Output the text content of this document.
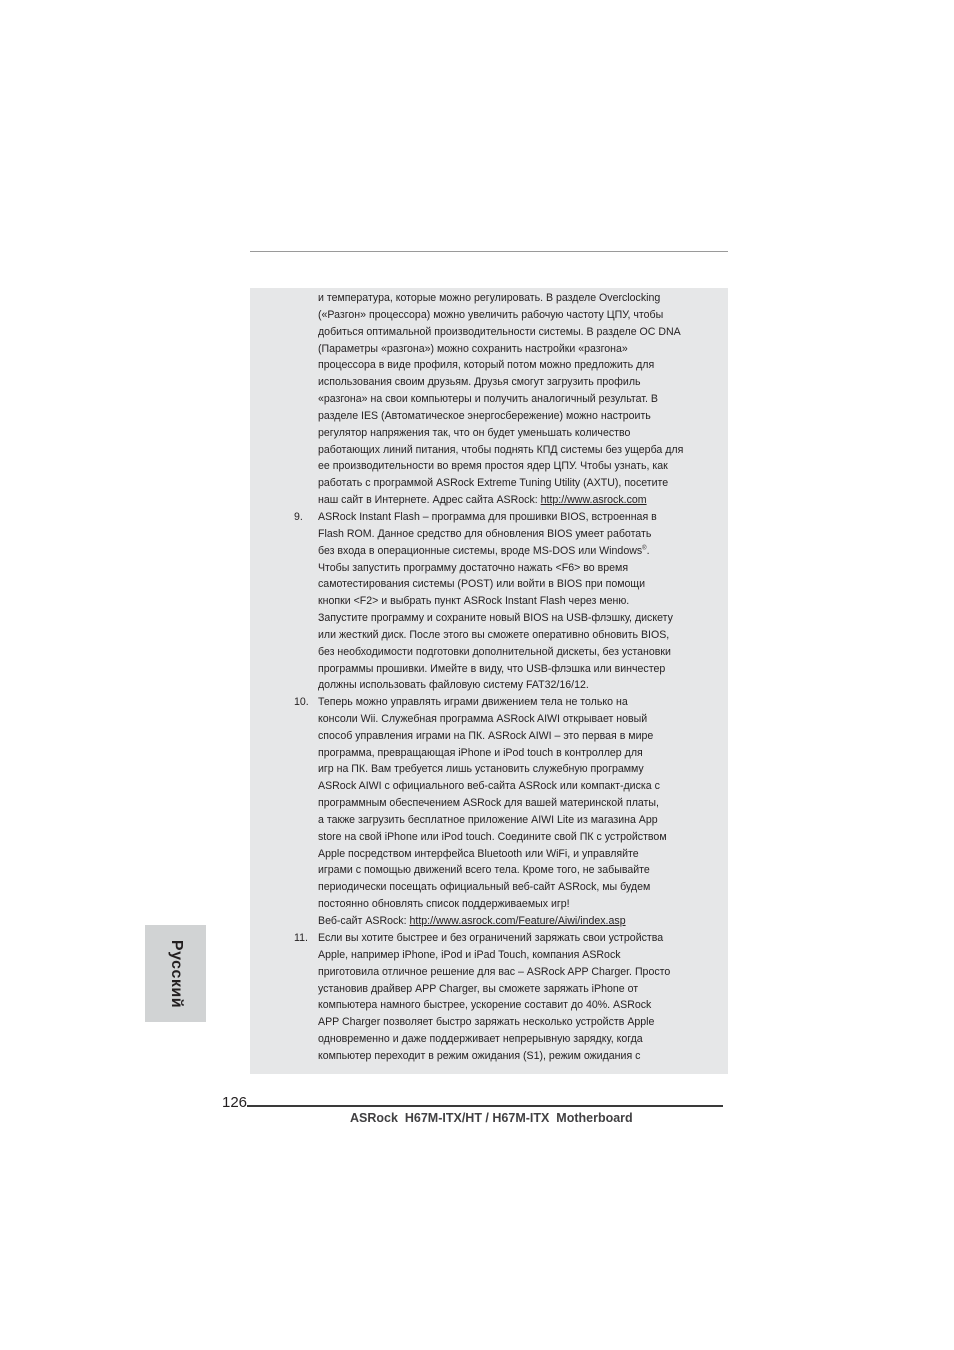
и температура, которые можно регулировать. В разделе Overclocking
(«Разгон» процессора) можно увеличить рабочую частоту ЦПУ, чтобы
добиться оптимальной производительности системы. В разделе OC DNA
(Параметры «разгона») можно сохранить настройки «разгона»
процессора в виде профиля, который потом можно предложить для
использования своим друзьям. Друзья смогут загрузить профиль
«разгона» на свои компьютеры и получить аналогичный результат. В
разделе IES (Автоматическое энергосбережение) можно настроить
регулятор напряжения так, что он будет уменьшать количество
работающих линий питания, чтобы поднять КПД системы без ущерба для
ее производительности во время простоя ядер ЦПУ. Чтобы узнать, как
работать с программой ASRock Extreme Tuning Utility (AXTU), посетите
наш сайт в Интернете. Адрес сайта ASRock: http://www.asrock.com
9. ASRock Instant Flash – программа для прошивки BIOS, встроенная в
Flash ROM. Данное средство для обновления BIOS умеет работать
без входа в операционные системы, вроде MS-DOS или Windows®.
Чтобы запустить программу достаточно нажать <F6> во время
самотестирования системы (POST) или войти в BIOS при помощи
кнопки <F2> и выбрать пункт ASRock Instant Flash через меню.
Запустите программу и сохраните новый BIOS на USB-флэшку, дискету
или жесткий диск. После этого вы сможете оперативно обновить BIOS,
без необходимости подготовки дополнительной дискеты, без установки
программы прошивки. Имейте в виду, что USB-флэшка или винчестер
должны использовать файловую систему FAT32/16/12.
10. Теперь можно управлять играми движением тела не только на
консоли Wii. Служебная программа ASRock AIWI открывает новый
способ управления играми на ПК. ASRock AIWI – это первая в мире
программа, превращающая iPhone и iPod touch в контроллер для
игр на ПК. Вам требуется лишь установить служебную программу
ASRock AIWI с официального веб-сайта ASRock или компакт-диска с
программным обеспечением ASRock для вашей материнской платы,
а также загрузить бесплатное приложение AIWI Lite из магазина App
store на свой iPhone или iPod touch. Соедините свой ПК с устройством
Apple посредством интерфейса Bluetooth или WiFi, и управляйте
играми с помощью движений всего тела. Кроме того, не забывайте
периодически посещать официальный веб-сайт ASRock, мы будем
постоянно обновлять список поддерживаемых игр!
Веб-сайт ASRock: http://www.asrock.com/Feature/Aiwi/index.asp
11. Если вы хотите быстрее и без ограничений заряжать свои устройства
Apple, например iPhone, iPod и iPad Touch, компания ASRock
приготовила отличное решение для вас – ASRock APP Charger. Просто
установив драйвер APP Charger, вы сможете заряжать iPhone от
компьютера намного быстрее, ускорение составит до 40%. ASRock
APP Charger позволяет быстро заряжать несколько устройств Apple
одновременно и даже поддерживает непрерывную зарядку, когда
компьютер переходит в режим ожидания (S1), режим ожидания с
Русский
126
ASRock  H67M-ITX/HT / H67M-ITX  Motherboard
